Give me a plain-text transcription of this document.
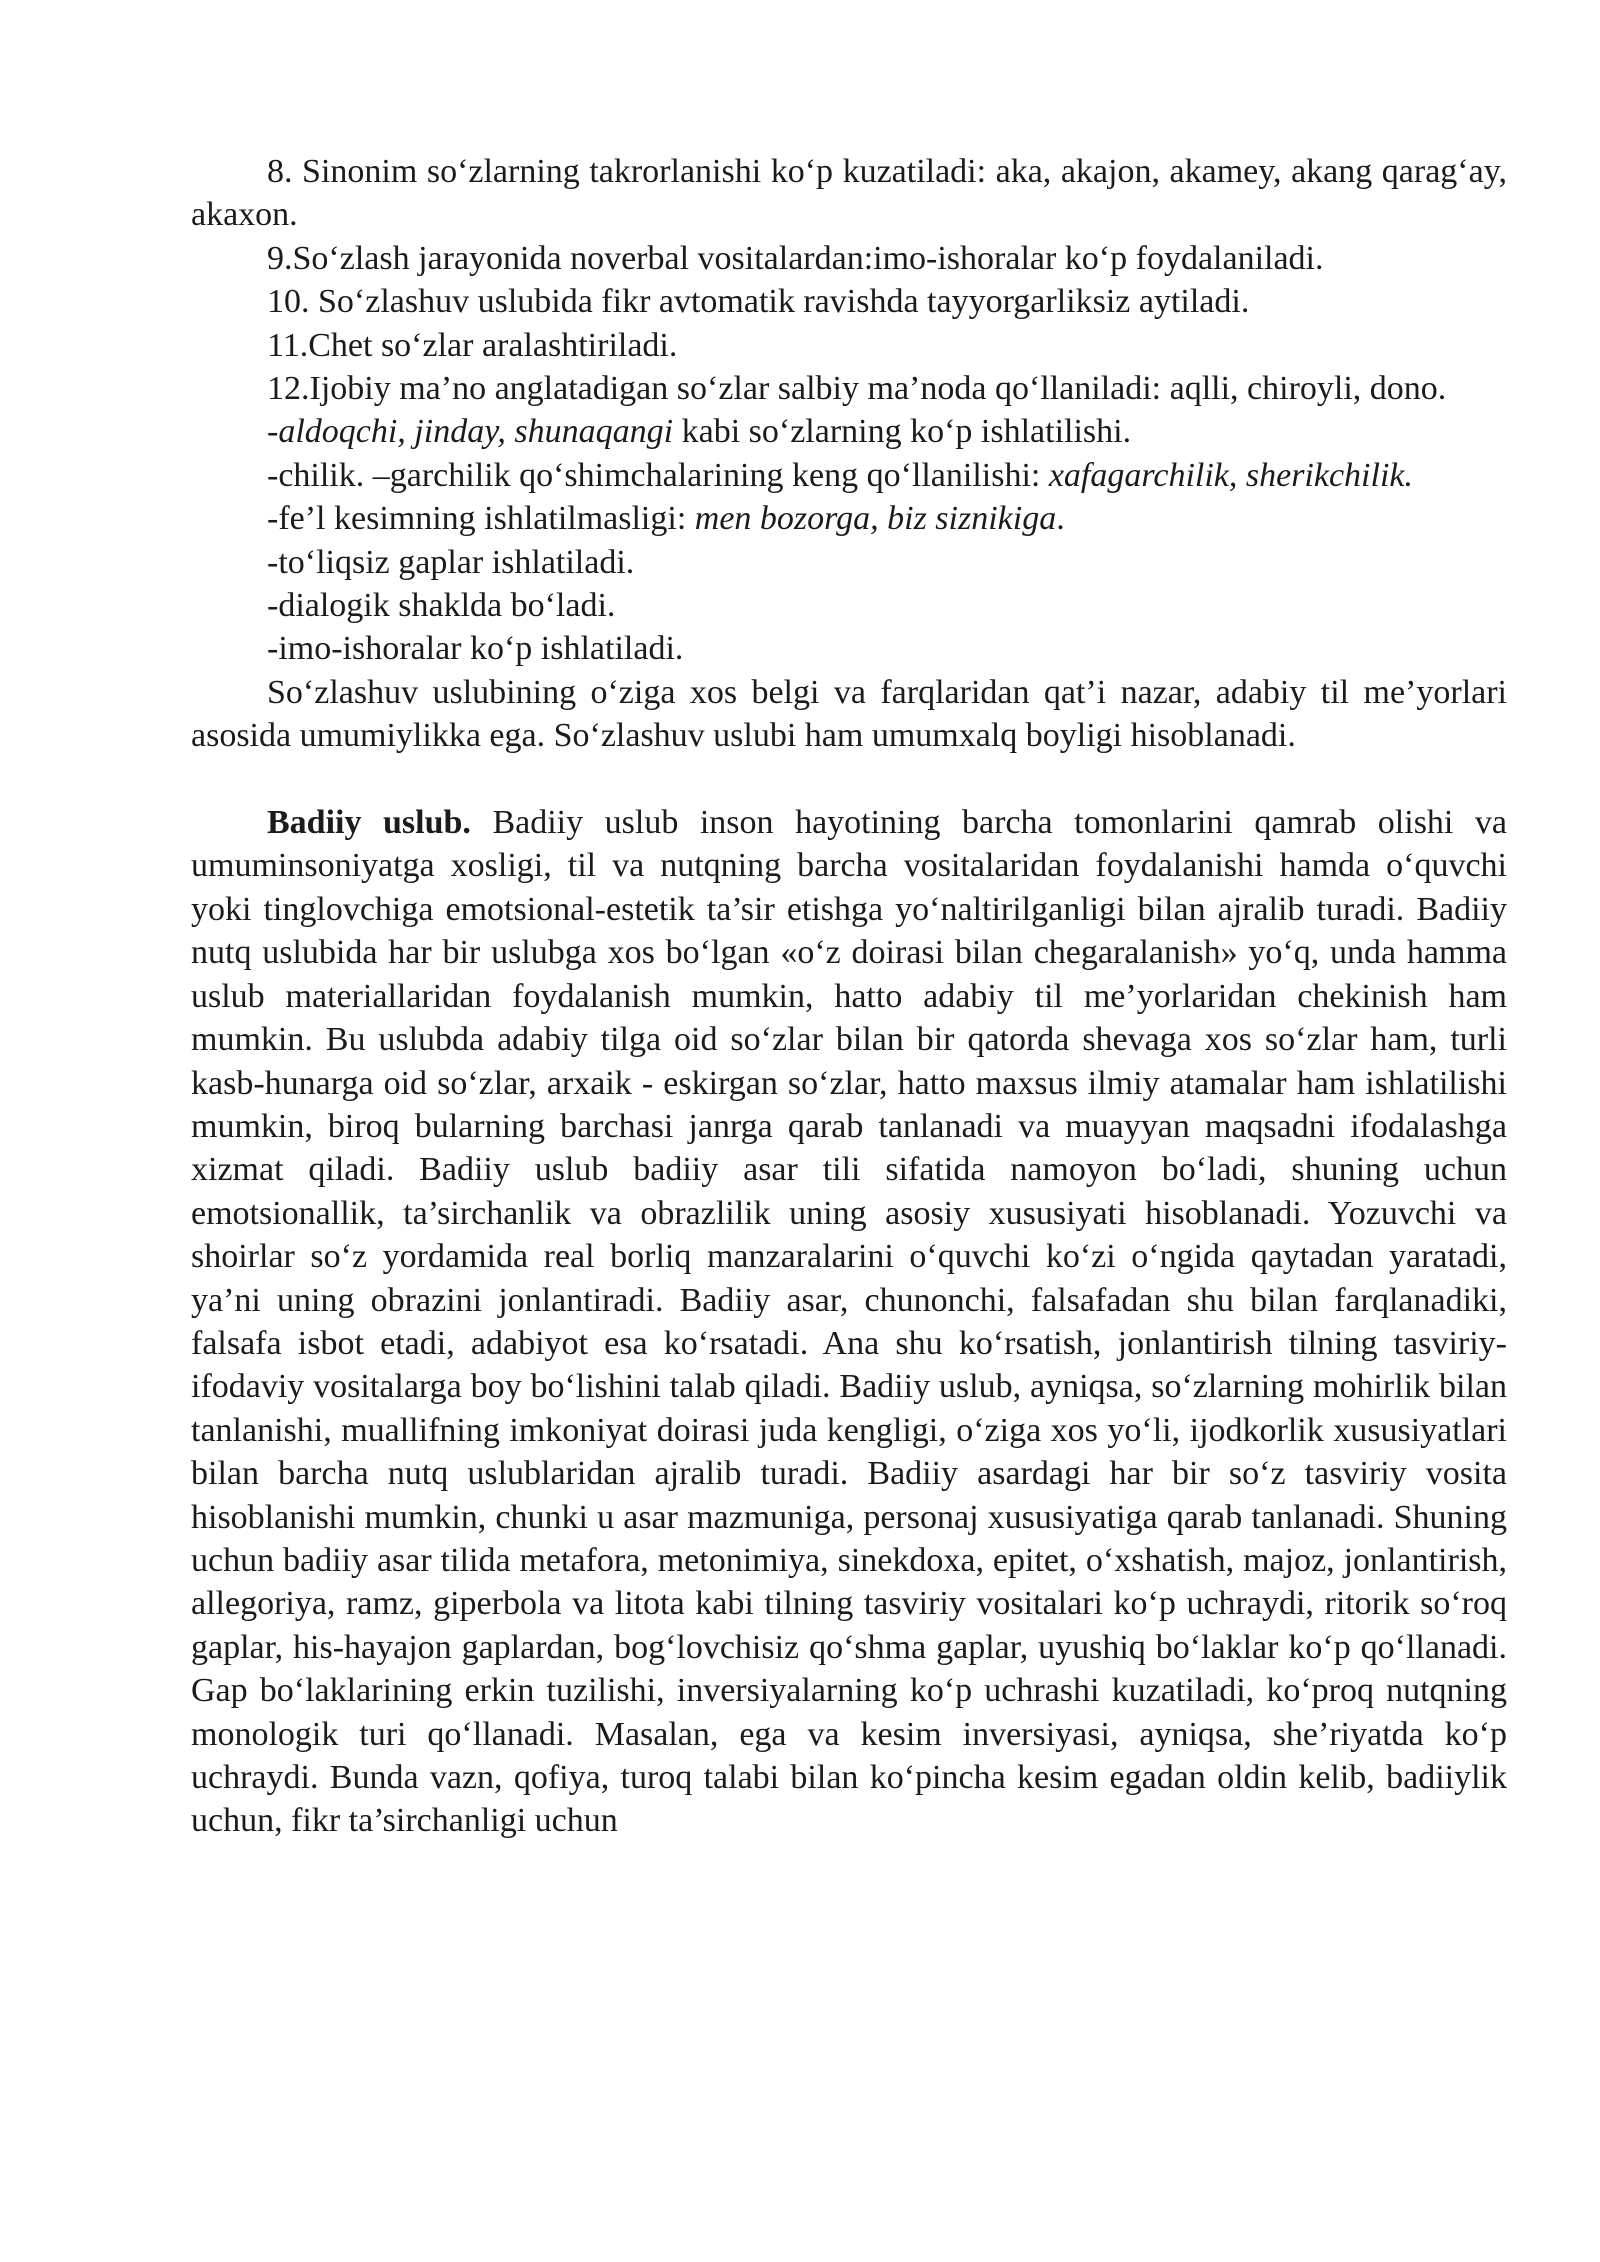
8. Sinonim so‘zlarning takrorlanishi ko‘p kuzatiladi: aka, akajon, akamey, akang qarag‘ay, akaxon.

9.So‘zlash jarayonida noverbal vositalardan:imo-ishoralar ko‘p foydalaniladi.

10. So‘zlashuv uslubida fikr avtomatik ravishda tayyorgarliksiz aytiladi.

11.Chet so‘zlar aralashtiriladi.

12.Ijobiy ma’no anglatadigan so‘zlar salbiy ma’noda qo‘llaniladi: aqlli, chiroyli, dono.

-aldoqchi, jinday, shunaqangi kabi so‘zlarning ko‘p ishlatilishi.

-chilik. –garchilik qo‘shimchalarining keng qo‘llanilishi: xafagarchilik, sherikchilik.

-fe’l kesimning ishlatilmasligi: men bozorga, biz siznikiga.

-to‘liqsiz gaplar ishlatiladi.

-dialogik shaklda bo‘ladi.

-imo-ishoralar ko‘p ishlatiladi.

So‘zlashuv uslubining o‘ziga xos belgi va farqlaridan qat’i nazar, adabiy til me’yorlari asosida umumiylikka ega. So‘zlashuv uslubi ham umumxalq boyligi hisoblanadi.

Badiiy uslub. Badiiy uslub inson hayotining barcha tomonlarini qamrab olishi va umuminsoniyatga xosligi, til va nutqning barcha vositalaridan foydalanishi hamda o‘quvchi yoki tinglovchiga emotsional-estetik ta’sir etishga yo‘naltirilganligi bilan ajralib turadi. Badiiy nutq uslubida har bir uslubga xos bo‘lgan «o‘z doirasi bilan chegaralanish» yo‘q, unda hamma uslub materiallaridan foydalanish mumkin, hatto adabiy til me’yorlaridan chekinish ham mumkin. Bu uslubda adabiy tilga oid so‘zlar bilan bir qatorda shevaga xos so‘zlar ham, turli kasb-hunarga oid so‘zlar, arxaik - eskirgan so‘zlar, hatto maxsus ilmiy atamalar ham ishlatilishi mumkin, biroq bularning barchasi janrga qarab tanlanadi va muayyan maqsadni ifodalashga xizmat qiladi. Badiiy uslub badiiy asar tili sifatida namoyon bo‘ladi, shuning uchun emotsionallik, ta’sirchanlik va obrazlilik uning asosiy xususiyati hisoblanadi. Yozuvchi va shoirlar so‘z yordamida real borliq manzaralarini o‘quvchi ko‘zi o‘ngida qaytadan yaratadi, ya’ni uning obrazini jonlantiradi. Badiiy asar, chunonchi, falsafadan shu bilan farqlanadiki, falsafa isbot etadi, adabiyot esa ko‘rsatadi. Ana shu ko‘rsatish, jonlantirish tilning tasviriy-ifodaviy vositalarga boy bo‘lishini talab qiladi. Badiiy uslub, ayniqsa, so‘zlarning mohirlik bilan tanlanishi, muallifning imkoniyat doirasi juda kengligi, o‘ziga xos yo‘li, ijodkorlik xususiyatlari bilan barcha nutq uslublaridan ajralib turadi. Badiiy asardagi har bir so‘z tasviriy vosita hisoblanishi mumkin, chunki u asar mazmuniga, personaj xususiyatiga qarab tanlanadi. Shuning uchun badiiy asar tilida metafora, metonimiya, sinekdoxa, epitet, o‘xshatish, majoz, jonlantirish, allegoriya, ramz, giperbola va litota kabi tilning tasviriy vositalari ko‘p uchraydi, ritorik so‘roq gaplar, his-hayajon gaplardan, bog‘lovchisiz qo‘shma gaplar, uyushiq bo‘laklar ko‘p qo‘llanadi. Gap bo‘laklarining erkin tuzilishi, inversiyalarning ko‘p uchrashi kuzatiladi, ko‘proq nutqning monologik turi qo‘llanadi. Masalan, ega va kesim inversiyasi, ayniqsa, she’riyatda ko‘p uchraydi. Bunda vazn, qofiya, turoq talabi bilan ko‘pincha kesim egadan oldin kelib, badiiylik uchun, fikr ta’sirchanligi uchun
